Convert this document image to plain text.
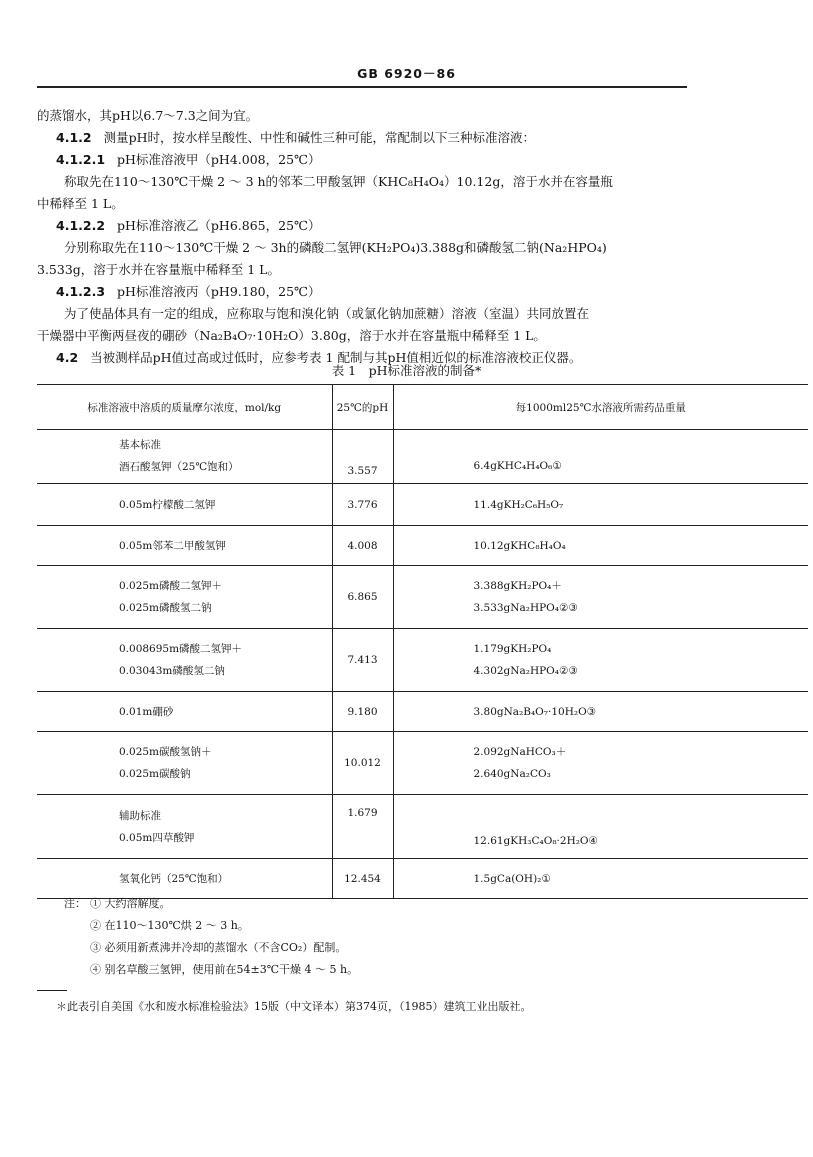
GB 6920－86
的蒸馏水，其pH以6.7～7.3之间为宜。
4.1.2 测量pH时，按水样呈酸性、中性和碱性三种可能，常配制以下三种标准溶液：
4.1.2.1 pH标准溶液甲（pH4.008，25℃）
称取先在110～130℃干燥 2 ～ 3 h的邻苯二甲酸氢钾（KHC₈H₄O₄）10.12g，溶于水并在容量瓶
中稀释至 1 L。
4.1.2.2 pH标准溶液乙（pH6.865，25℃）
分别称取先在110～130℃干燥 2 ～ 3h的磷酸二氢钾(KH₂PO₄)3.388g和磷酸氢二钠(Na₂HPO₄)
3.533g，溶于水并在容量瓶中稀释至 1 L。
4.1.2.3 pH标准溶液丙（pH9.180，25℃）
为了使晶体具有一定的组成，应称取与饱和溴化钠（或氯化钠加蔗糖）溶液（室温）共同放置在
干燥器中平衡两昼夜的硼砂（Na₂B₄O₇·10H₂O）3.80g，溶于水并在容量瓶中稀释至 1 L。
4.2 当被测样品pH值过高或过低时，应参考表 1 配制与其pH值相近似的标准溶液校正仪器。
表 1　pH标准溶液的制备*
标准溶液中溶质的质量摩尔浓度，mol/kg	25℃的pH	每1000ml25℃水溶液所需药品重量

基本标准
酒石酸氢钾（25℃饱和）	3.557	6.4gKHC₄H₄O₆①

0.05m柠檬酸二氢钾	3.776	11.4gKH₂C₆H₅O₇

0.05m邻苯二甲酸氢钾	4.008	10.12gKHC₈H₄O₄

0.025m磷酸二氢钾＋
0.025m磷酸氢二钠	6.865	3.388gKH₂PO₄＋
3.533gNa₂HPO₄②③

0.008695m磷酸二氢钾＋
0.03043m磷酸氢二钠	7.413	1.179gKH₂PO₄
4.302gNa₂HPO₄②③

0.01m硼砂	9.180	3.80gNa₂B₄O₇·10H₂O③

0.025m碳酸氢钠＋
0.025m碳酸钠	10.012	2.092gNaHCO₃＋
2.640gNa₂CO₃

辅助标准
0.05m四草酸钾	1.679	12.61gKH₃C₄O₈·2H₂O④

氢氧化钙（25℃饱和）	12.454	1.5gCa(OH)₂①
注： ① 大约溶解度。
② 在110～130℃烘 2 ～ 3 h。
③ 必须用新煮沸并冷却的蒸馏水（不含CO₂）配制。
④ 别名草酸三氢钾，使用前在54±3℃干燥 4 ～ 5 h。
＊此表引自美国《水和废水标准检验法》15版（中文译本）第374页，（1985）建筑工业出版社。
